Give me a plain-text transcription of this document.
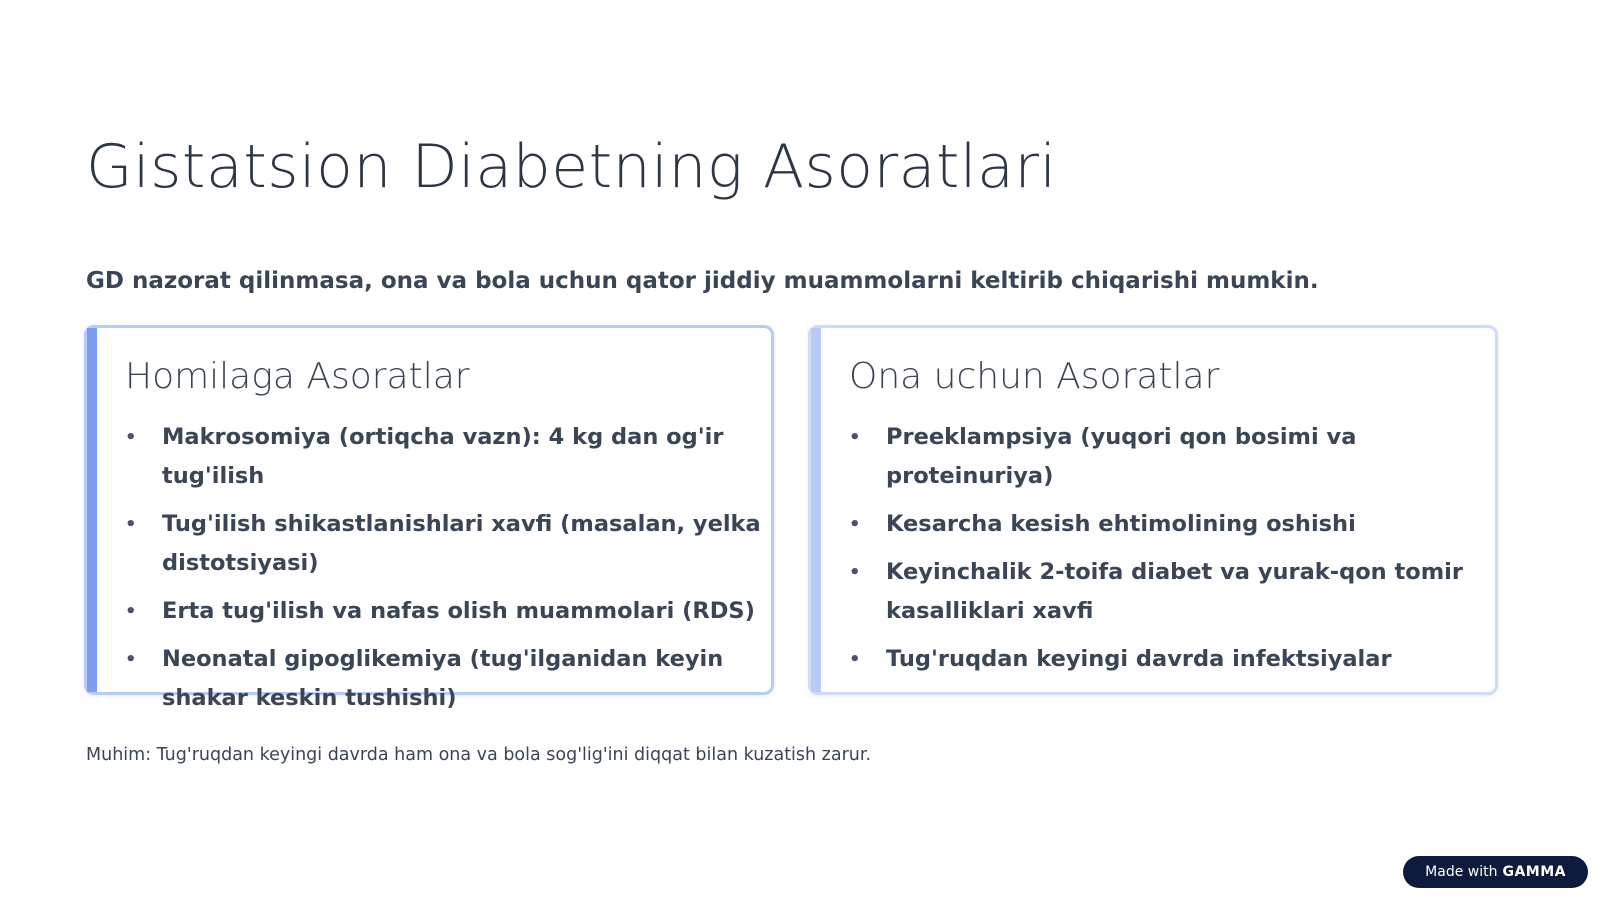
Gistatsion Diabetning Asoratlari

GD nazorat qilinmasa, ona va bola uchun qator jiddiy muammolarni keltirib chiqarishi mumkin.

Homilaga Asoratlar
• Makrosomiya (ortiqcha vazn): 4 kg dan og'ir tug'ilish
• Tug'ilish shikastlanishlari xavfi (masalan, yelka distotsiyasi)
• Erta tug'ilish va nafas olish muammolari (RDS)
• Neonatal gipoglikemiya (tug'ilganidan keyin shakar keskin tushishi)
Ona uchun Asoratlar
• Preeklampsiya (yuqori qon bosimi va proteinuriya)
• Kesarcha kesish ehtimolining oshishi
• Keyinchalik 2-toifa diabet va yurak-qon tomir kasalliklari xavfi
• Tug'ruqdan keyingi davrda infektsiyalar

Muhim: Tug'ruqdan keyingi davrda ham ona va bola sog'lig'ini diqqat bilan kuzatish zarur.

Made with GAMMA
